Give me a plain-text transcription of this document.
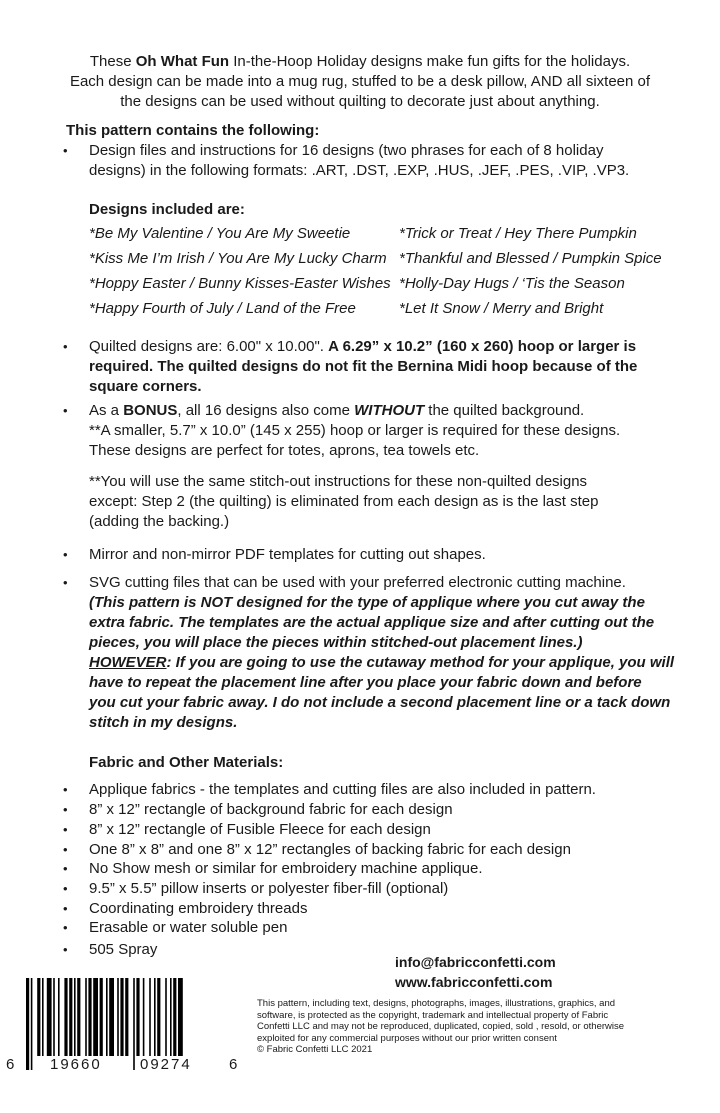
These Oh What Fun In-the-Hoop Holiday designs make fun gifts for the holidays.
Each design can be made into a mug rug, stuffed to be a desk pillow, AND all sixteen of
the designs can be used without quilting to decorate just about anything.
This pattern contains the following:
• Design files and instructions for 16 designs (two phrases for each of 8 holiday
designs) in the following formats: .ART, .DST, .EXP, .HUS, .JEF, .PES, .VIP, .VP3.
Designs included are:
*Be My Valentine / You Are My Sweetie	*Trick or Treat / Hey There Pumpkin
*Kiss Me I’m Irish / You Are My Lucky Charm *Thankful and Blessed / Pumpkin Spice
*Hoppy Easter / Bunny Kisses-Easter Wishes *Holly-Day Hugs / ‘Tis the Season
*Happy Fourth of July / Land of the Free	*Let It Snow / Merry and Bright
• Quilted designs are: 6.00" x 10.00". A 6.29” x 10.2” (160 x 260) hoop or larger is
required. The quilted designs do not fit the Bernina Midi hoop because of the
square corners.
• As a BONUS, all 16 designs also come WITHOUT the quilted background.
**A smaller, 5.7” x 10.0” (145 x 255) hoop or larger is required for these designs.
These designs are perfect for totes, aprons, tea towels etc.
**You will use the same stitch-out instructions for these non-quilted designs
except: Step 2 (the quilting) is eliminated from each design as is the last step
(adding the backing.)
• Mirror and non-mirror PDF templates for cutting out shapes.
• SVG cutting files that can be used with your preferred electronic cutting machine.
(This pattern is NOT designed for the type of applique where you cut away the
extra fabric. The templates are the actual applique size and after cutting out the
pieces, you will place the pieces within stitched-out placement lines.)
HOWEVER: If you are going to use the cutaway method for your applique, you will
have to repeat the placement line after you place your fabric down and before
you cut your fabric away. I do not include a second placement line or a tack down
stitch in my designs.
Fabric and Other Materials:
• Applique fabrics - the templates and cutting files are also included in pattern.
• 8” x 12” rectangle of background fabric for each design
• 8” x 12” rectangle of Fusible Fleece for each design
• One 8” x 8” and one 8” x 12” rectangles of backing fabric for each design
• No Show mesh or similar for embroidery machine applique.
• 9.5” x 5.5” pillow inserts or polyester fiber-fill (optional)
• Coordinating embroidery threads
• Erasable or water soluble pen
• 505 Spray
info@fabricconfetti.com
www.fabricconfetti.com
This pattern, including text, designs, photographs, images, illustrations, graphics, and
software, is protected as the copyright, trademark and intellectual property of Fabric
Confetti LLC and may not be reproduced, duplicated, copied, sold , resold, or otherwise
exploited for any commercial purposes without our prior written consent
© Fabric Confetti LLC 2021
6 19660	09274 6
